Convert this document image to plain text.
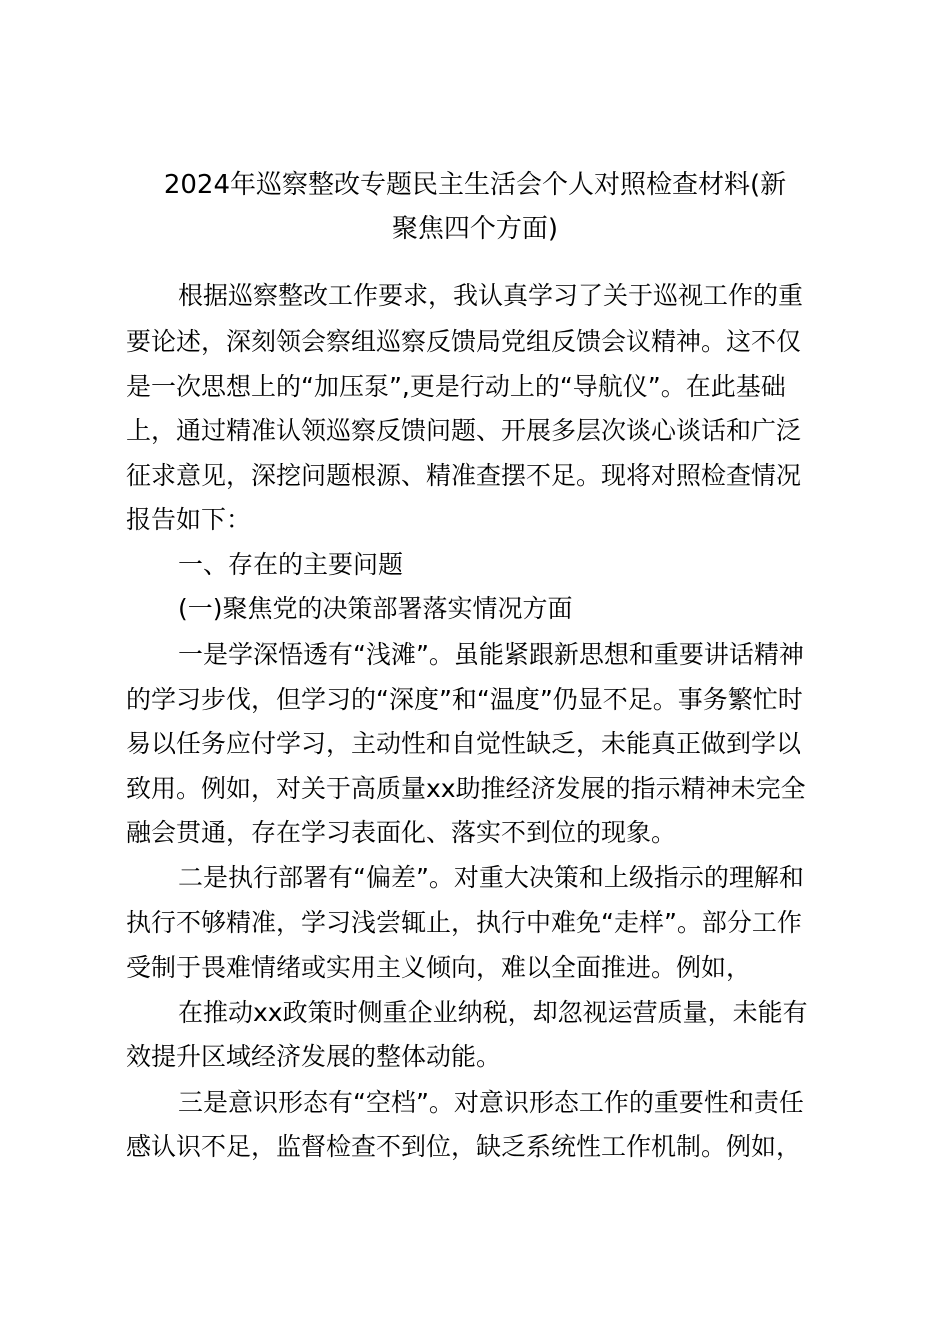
2024年巡察整改专题民主生活会个人对照检查材料(新
聚焦四个方面)

根据巡察整改工作要求，我认真学习了关于巡视工作的重

要论述，深刻领会察组巡察反馈局党组反馈会议精神。这不仅

是一次思想上的“加压泵”,更是行动上的“导航仪”。在此基础

上，通过精准认领巡察反馈问题、开展多层次谈心谈话和广泛

征求意见，深挖问题根源、精准查摆不足。现将对照检查情况

报告如下：

一、存在的主要问题

(一)聚焦党的决策部署落实情况方面

一是学深悟透有“浅滩”。虽能紧跟新思想和重要讲话精神

的学习步伐，但学习的“深度”和“温度”仍显不足。事务繁忙时

易以任务应付学习，主动性和自觉性缺乏，未能真正做到学以

致用。例如，对关于高质量xx助推经济发展的指示精神未完全

融会贯通，存在学习表面化、落实不到位的现象。

二是执行部署有“偏差”。对重大决策和上级指示的理解和

执行不够精准，学习浅尝辄止，执行中难免“走样”。部分工作

受制于畏难情绪或实用主义倾向，难以全面推进。例如，

在推动xx政策时侧重企业纳税，却忽视运营质量，未能有

效提升区域经济发展的整体动能。

三是意识形态有“空档”。对意识形态工作的重要性和责任

感认识不足，监督检查不到位，缺乏系统性工作机制。例如，
